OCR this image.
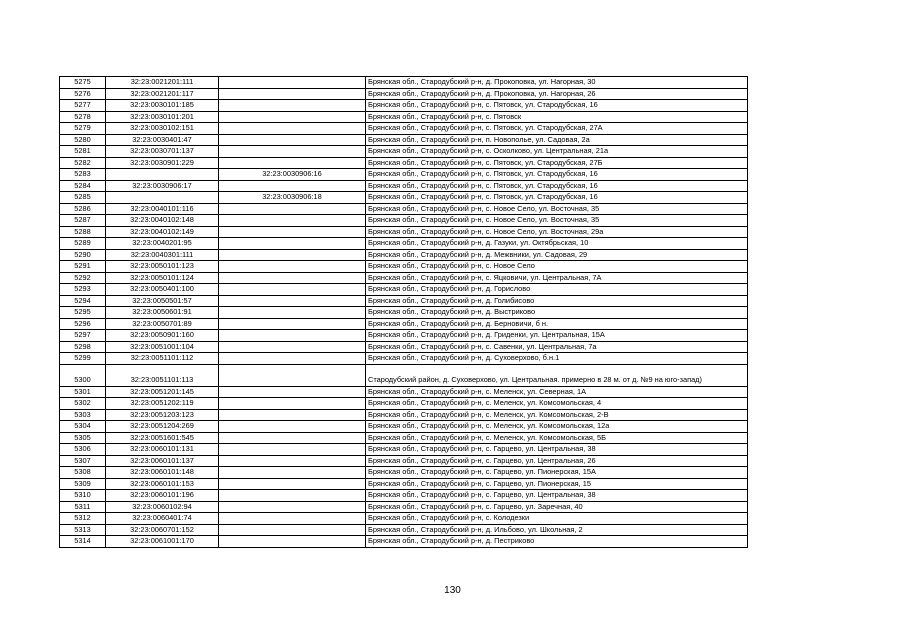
5275	32:23:0021201:111		Брянская обл., Стародубский р-н, д. Прокоповка, ул. Нагорная, 30
5276	32:23:0021201:117		Брянская обл., Стародубский р-н, д. Прокоповка, ул. Нагорная, 26
5277	32:23:0030101:185		Брянская обл., Стародубский р-н, с. Пятовск, ул. Стародубская, 16
5278	32:23:0030101:201		Брянская обл., Стародубский р-н, с. Пятовск
5279	32:23:0030102:151		Брянская обл., Стародубский р-н, с. Пятовск, ул. Стародубская, 27А
5280	32:23:0030401:47		Брянская обл., Стародубский р-н, п. Новополье, ул. Садовая, 2а
5281	32:23:0030701:137		Брянская обл., Стародубский р-н, с. Осколково, ул. Центральная, 21а
5282	32:23:0030901:229		Брянская обл., Стародубский р-н, с. Пятовск, ул. Стародубская, 27Б
5283		32:23:0030906:16	Брянская обл., Стародубский р-н, с. Пятовск, ул. Стародубская, 16
5284	32:23:0030906:17		Брянская обл., Стародубский р-н, с. Пятовск, ул. Стародубская, 16
5285		32:23:0030906:18	Брянская обл., Стародубский р-н, с. Пятовск, ул. Стародубская, 16
5286	32:23:0040101:116		Брянская обл., Стародубский р-н, с. Новое Село, ул. Восточная, 35
5287	32:23:0040102:148		Брянская обл., Стародубский р-н, с. Новое Село, ул. Восточная, 35
5288	32:23:0040102:149		Брянская обл., Стародубский р-н, с. Новое Село, ул. Восточная, 29а
5289	32:23:0040201:95		Брянская обл., Стародубский р-н, д. Газуки, ул. Октябрьская, 10
5290	32:23:0040301:111		Брянская обл., Стародубский р-н, д. Межвники, ул. Садовая, 29
5291	32:23:0050101:123		Брянская обл., Стародубский р-н, с. Новое Село
5292	32:23:0050101:124		Брянская обл., Стародубский р-н, с. Яцковичи, ул. Центральная, 7А
5293	32:23:0050401:100		Брянская обл., Стародубский р-н, д. Горислово
5294	32:23:0050501:57		Брянская обл., Стародубский р-н, д. Голибисово
5295	32:23:0050601:91		Брянская обл., Стародубский р-н, д. Выстриково
5296	32:23:0050701:89		Брянская обл., Стародубский р-н, д. Берновичи, б н.
5297	32:23:0050901:160		Брянская обл., Стародубский р-н, д. Гриденки, ул. Центральная, 15А
5298	32:23:0051001:104		Брянская обл., Стародубский р-н, с. Савенки, ул. Центральная, 7а
5299	32:23:0051101:112		Брянская обл., Стародубский р-н, д. Суховерхово, б.н.1
5300	32:23:0051101:113		Стародубский район, д. Суховерхово, ул. Центральная. примерно в 28 м. от д. №9 на юго-запад)
5301	32:23:0051201:145		Брянская обл., Стародубский р-н, с. Меленск, ул. Северная, 1А
5302	32:23:0051202:119		Брянская обл., Стародубский р-н, с. Меленск, ул. Комсомольская, 4
5303	32:23:0051203:123		Брянская обл., Стародубский р-н, с. Меленск, ул. Комсомольская, 2-В
5304	32:23:0051204:269		Брянская обл., Стародубский р-н, с. Меленск, ул. Комсомольская, 12а
5305	32:23:0051601:545		Брянская обл., Стародубский р-н, с. Меленск, ул. Комсомольская, 5Б
5306	32:23:0060101:131		Брянская обл., Стародубский р-н, с. Гарцево, ул. Центральная, 38
5307	32:23:0060101:137		Брянская обл., Стародубский р-н, с. Гарцево, ул. Центральная, 26
5308	32:23:0060101:148		Брянская обл., Стародубский р-н, с. Гарцево, ул. Пионерская, 15А
5309	32:23:0060101:153		Брянская обл., Стародубский р-н, с. Гарцево, ул. Пионерская, 15
5310	32:23:0060101:196		Брянская обл., Стародубский р-н, с. Гарцево, ул. Центральная, 38
5311	32:23:0060102:94		Брянская обл., Стародубский р-н, с. Гарцево, ул. Заречная, 40
5312	32:23:0060401:74		Брянская обл., Стародубский р-н, с. Колодезки
5313	32:23:0060701:152		Брянская обл., Стародубский р-н, д. Ильбово, ул. Школьная, 2
5314	32:23:0061001:170		Брянская обл., Стародубский р-н, д. Пестриково
130
